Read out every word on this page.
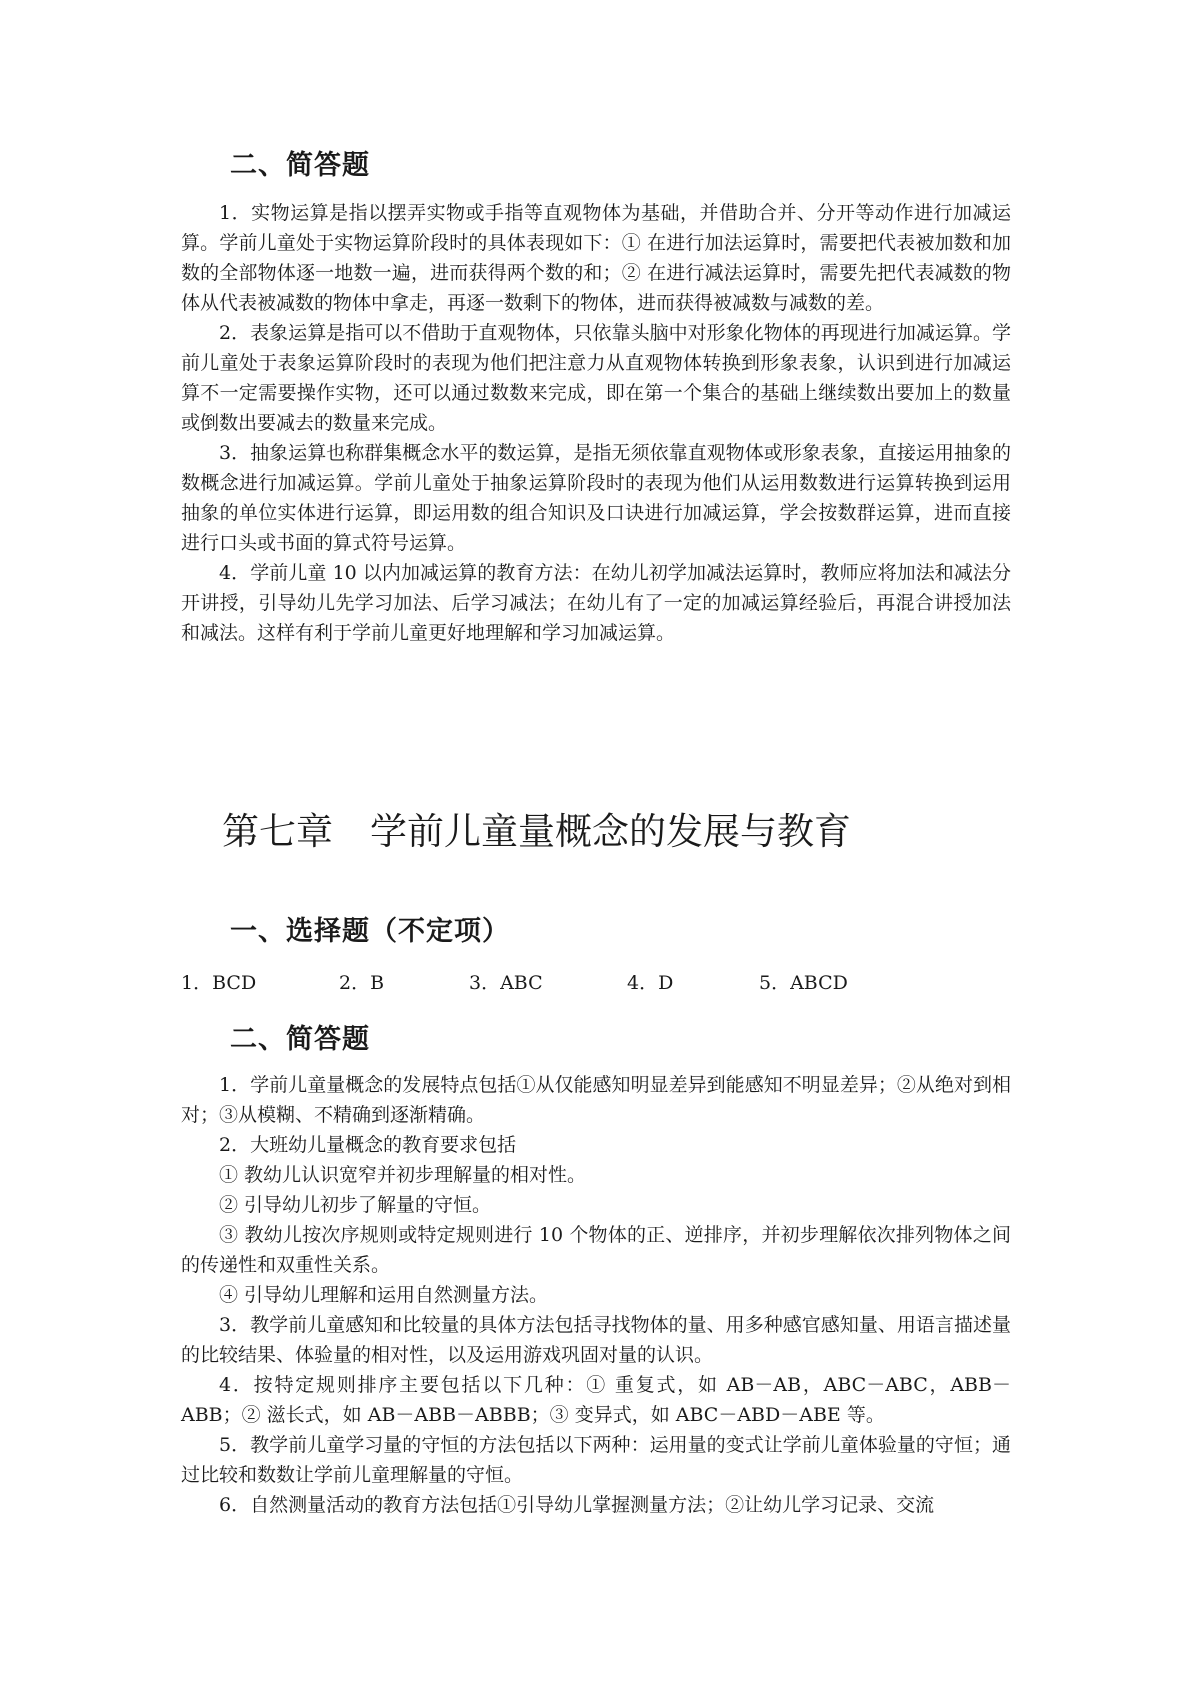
二、简答题

1．实物运算是指以摆弄实物或手指等直观物体为基础，并借助合并、分开等动作进行加减运算。学前儿童处于实物运算阶段时的具体表现如下：① 在进行加法运算时，需要把代表被加数和加数的全部物体逐一地数一遍，进而获得两个数的和；② 在进行减法运算时，需要先把代表减数的物体从代表被减数的物体中拿走，再逐一数剩下的物体，进而获得被减数与减数的差。

2．表象运算是指可以不借助于直观物体，只依靠头脑中对形象化物体的再现进行加减运算。学前儿童处于表象运算阶段时的表现为他们把注意力从直观物体转换到形象表象，认识到进行加减运算不一定需要操作实物，还可以通过数数来完成，即在第一个集合的基础上继续数出要加上的数量或倒数出要减去的数量来完成。

3．抽象运算也称群集概念水平的数运算，是指无须依靠直观物体或形象表象，直接运用抽象的数概念进行加减运算。学前儿童处于抽象运算阶段时的表现为他们从运用数数进行运算转换到运用抽象的单位实体进行运算，即运用数的组合知识及口诀进行加减运算，学会按数群运算，进而直接进行口头或书面的算式符号运算。

4．学前儿童 10 以内加减运算的教育方法：在幼儿初学加减法运算时，教师应将加法和减法分开讲授，引导幼儿先学习加法、后学习减法；在幼儿有了一定的加减运算经验后，再混合讲授加法和减法。这样有利于学前儿童更好地理解和学习加减运算。

第七章　学前儿童量概念的发展与教育
一、选择题（不定项）
1．BCD	2．B	3．ABC	4．D	5．ABCD
二、简答题

1．学前儿童量概念的发展特点包括①从仅能感知明显差异到能感知不明显差异；②从绝对到相对；③从模糊、不精确到逐渐精确。

2．大班幼儿量概念的教育要求包括

① 教幼儿认识宽窄并初步理解量的相对性。

② 引导幼儿初步了解量的守恒。

③ 教幼儿按次序规则或特定规则进行 10 个物体的正、逆排序，并初步理解依次排列物体之间的传递性和双重性关系。

④ 引导幼儿理解和运用自然测量方法。

3．教学前儿童感知和比较量的具体方法包括寻找物体的量、用多种感官感知量、用语言描述量的比较结果、体验量的相对性，以及运用游戏巩固对量的认识。

4．按特定规则排序主要包括以下几种：① 重复式，如 AB－AB，ABC－ABC，ABB－ABB；② 滋长式，如 AB－ABB－ABBB；③ 变异式，如 ABC－ABD－ABE 等。

5．教学前儿童学习量的守恒的方法包括以下两种：运用量的变式让学前儿童体验量的守恒；通过比较和数数让学前儿童理解量的守恒。

6．自然测量活动的教育方法包括①引导幼儿掌握测量方法；②让幼儿学习记录、交流
